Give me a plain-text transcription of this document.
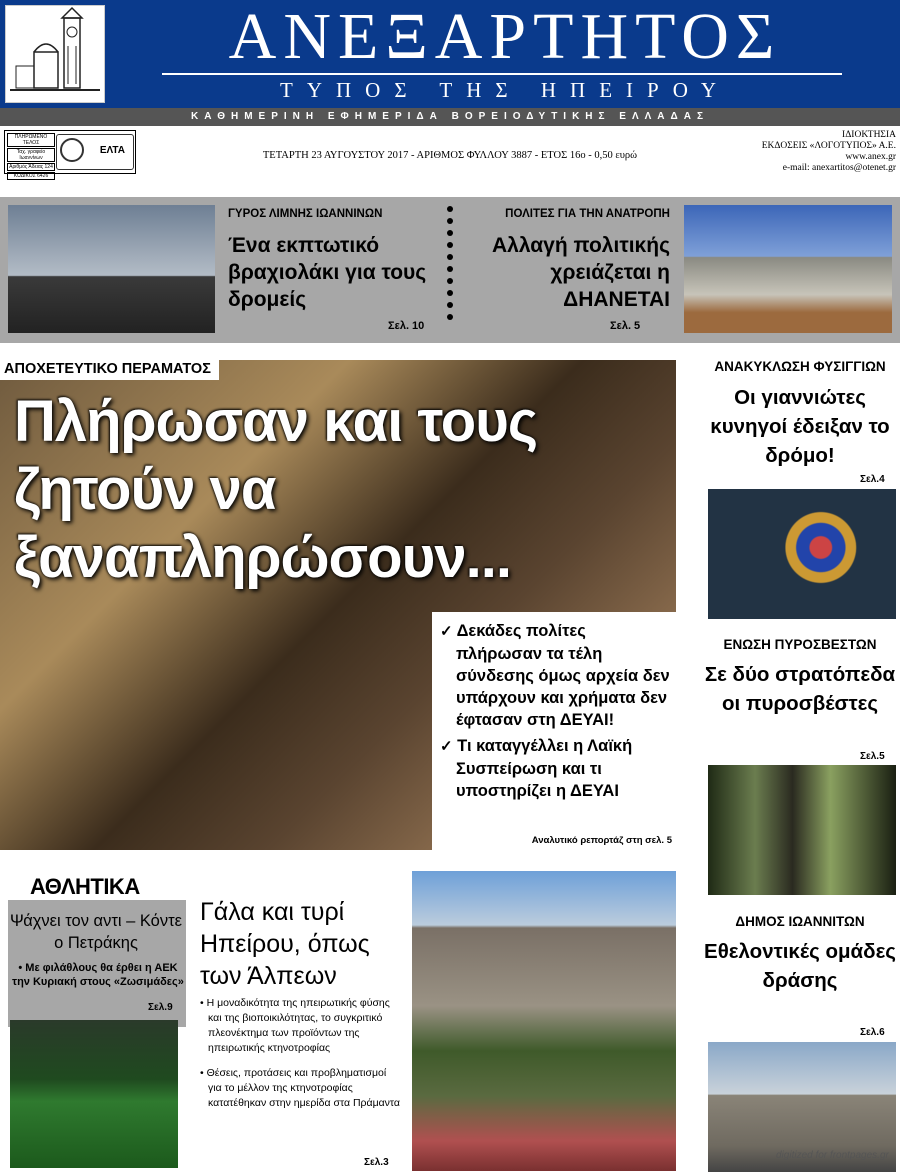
ΑΝΕΞΑΡΤΗΤΟΣ
ΤΥΠΟΣ ΤΗΣ ΗΠΕΙΡΟΥ
ΚΑΘΗΜΕΡΙΝΗ ΕΦΗΜΕΡΙΔΑ ΒΟΡΕΙΟΔΥΤΙΚΗΣ ΕΛΛΑΔΑΣ
ΠΛΗΡΩΜΕΝΟ ΤΕΛΟΣ
Ταχ. γραφείο Ιωαννίνων
Αριθμός Άδειας 124
ΚΩΔΙΚΟΣ 6426
ΕΛΤΑ	ΤΕΤΑΡΤΗ 23 ΑΥΓΟΥΣΤΟΥ 2017 - ΑΡΙΘΜΟΣ ΦΥΛΛΟΥ 3887 - ΕΤΟΣ 16ο - 0,50 ευρώ
ΙΔΙΟΚΤΗΣΙΑ
ΕΚΔΟΣΕΙΣ «ΛΟΓΟΤΥΠΟΣ» Α.Ε.
www.anex.gr
e-mail: anexartitos@otenet.gr
ΓΥΡΟΣ ΛΙΜΝΗΣ ΙΩΑΝΝΙΝΩΝ
Ένα εκπτωτικό βραχιολάκι για τους δρομείς
Σελ. 10
ΠΟΛΙΤΕΣ ΓΙΑ ΤΗΝ ΑΝΑΤΡΟΠΗ
Αλλαγή πολιτικής χρειάζεται η ΔΗΑΝΕΤΑΙ
Σελ. 5
ΑΠΟΧΕΤΕΥΤΙΚΟ ΠΕΡΑΜΑΤΟΣ
Πλήρωσαν και τους ζητούν να ξαναπληρώσουν...

✓ Δεκάδες πολίτες πλήρωσαν τα τέλη σύνδεσης όμως αρχεία δεν υπάρχουν και χρήματα δεν έφτασαν στη ΔΕΥΑΙ!

✓ Τι καταγγέλλει η Λαϊκή Συσπείρωση και τι υποστηρίζει η ΔΕΥΑΙ

Αναλυτικό ρεπορτάζ στη σελ. 5
ΑΝΑΚΥΚΛΩΣΗ ΦΥΣΙΓΓΙΩΝ
Οι γιαννιώτες κυνηγοί έδειξαν το δρόμο!
Σελ.4
ΕΝΩΣΗ ΠΥΡΟΣΒΕΣΤΩΝ
Σε δύο στρατόπεδα οι πυροσβέστες
Σελ.5
ΔΗΜΟΣ ΙΩΑΝΝΙΤΩΝ
Εθελοντικές ομάδες δράσης
Σελ.6
ΑΘΛΗΤΙΚΑ
Ψάχνει τον αντι – Κόντε ο Πετράκης
• Με φιλάθλους θα έρθει η ΑΕΚ την Κυριακή στους «Ζωσιμάδες»
Σελ.9
Γάλα και τυρί Ηπείρου, όπως των Άλπεων

• Η μοναδικότητα της ηπειρωτικής φύσης και της βιοποικιλότητας, το συγκριτικό πλεονέκτημα των προϊόντων της ηπειρωτικής κτηνοτροφίας

• Θέσεις, προτάσεις και προβληματισμοί για το μέλλον της κτηνοτροφίας κατατέθηκαν στην ημερίδα στα Πράμαντα

Σελ.3
digitized for frontpages.gr
